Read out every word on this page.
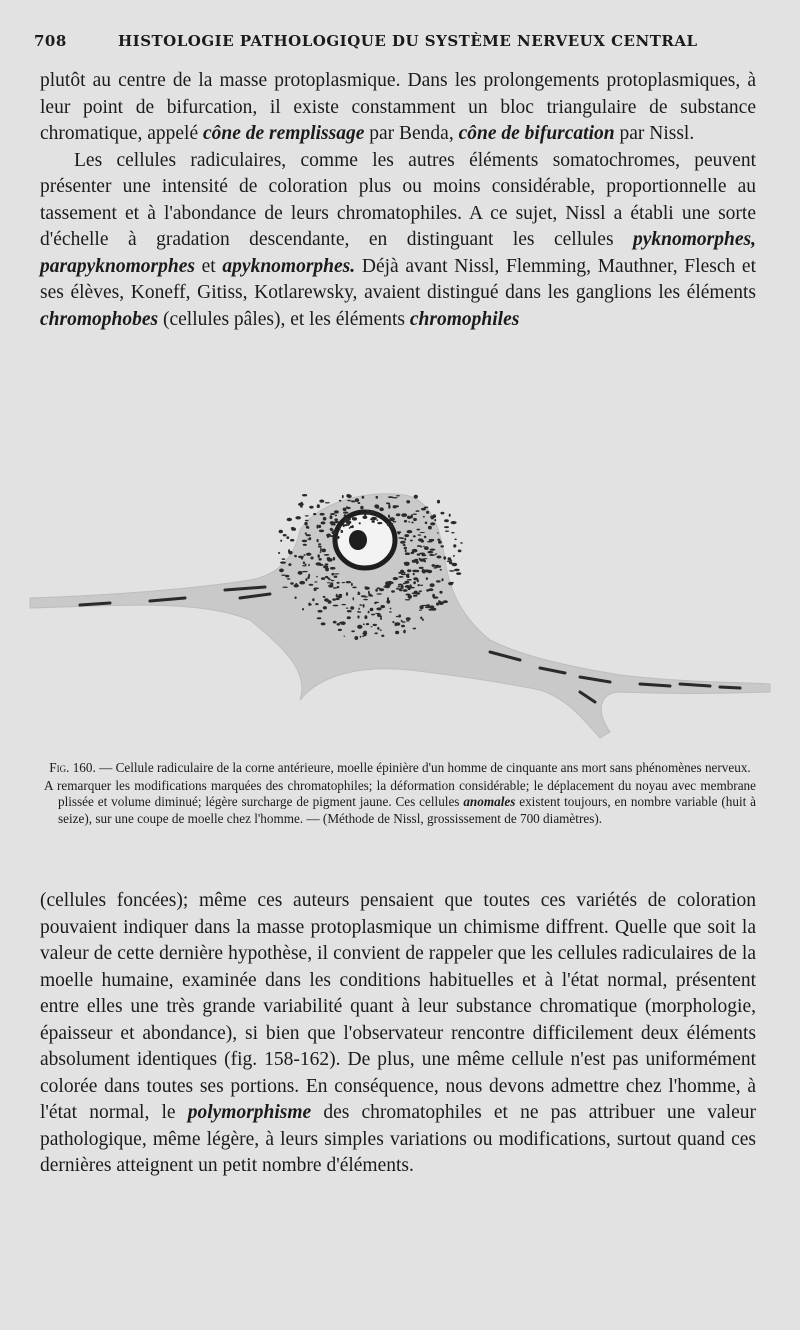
708	HISTOLOGIE PATHOLOGIQUE DU SYSTÈME NERVEUX CENTRAL

plutôt au centre de la masse protoplasmique. Dans les prolongements protoplasmiques, à leur point de bifurcation, il existe constamment un bloc triangulaire de substance chromatique, appelé cône de remplissage par Benda, cône de bifurcation par Nissl.

Les cellules radiculaires, comme les autres éléments somatochromes, peuvent présenter une intensité de coloration plus ou moins considérable, proportionnelle au tassement et à l'abondance de leurs chromatophiles. A ce sujet, Nissl a établi une sorte d'échelle à gradation descendante, en distinguant les cellules pyknomorphes, parapyknomorphes et apyknomorphes. Déjà avant Nissl, Flemming, Mauthner, Flesch et ses élèves, Koneff, Gitiss, Kotlarewsky, avaient distingué dans les ganglions les éléments chromophobes (cellules pâles), et les éléments chromophiles

Fig. 160. — Cellule radiculaire de la corne antérieure, moelle épinière d'un homme de cinquante ans mort sans phénomènes nerveux.

A remarquer les modifications marquées des chromatophiles; la déformation considérable; le déplacement du noyau avec membrane plissée et volume diminué; légère surcharge de pigment jaune. Ces cellules anomales existent toujours, en nombre variable (huit à seize), sur une coupe de moelle chez l'homme. — (Méthode de Nissl, grossissement de 700 diamètres).

(cellules foncées); même ces auteurs pensaient que toutes ces variétés de coloration pouvaient indiquer dans la masse protoplasmique un chimisme diffrent. Quelle que soit la valeur de cette dernière hypothèse, il convient de rappeler que les cellules radiculaires de la moelle humaine, examinée dans les conditions habituelles et à l'état normal, présentent entre elles une très grande variabilité quant à leur substance chromatique (morphologie, épaisseur et abondance), si bien que l'observateur rencontre difficilement deux éléments absolument identiques (fig. 158-162). De plus, une même cellule n'est pas uniformément colorée dans toutes ses portions. En conséquence, nous devons admettre chez l'homme, à l'état normal, le polymorphisme des chromatophiles et ne pas attribuer une valeur pathologique, même légère, à leurs simples variations ou modifications, surtout quand ces dernières atteignent un petit nombre d'éléments.
